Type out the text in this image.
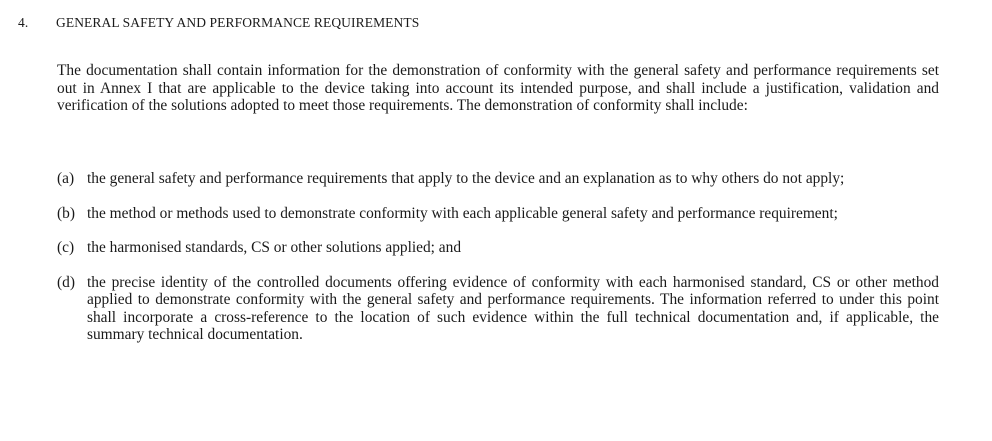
4.	GENERAL SAFETY AND PERFORMANCE REQUIREMENTS

The documentation shall contain information for the demonstration of conformity with the general safety and performance requirements set out in Annex I that are applicable to the device taking into account its intended purpose, and shall include a justification, validation and verification of the solutions adopted to meet those requirements. The demonstration of conformity shall include:

(a) the general safety and performance requirements that apply to the device and an explanation as to why others do not apply;
(b) the method or methods used to demonstrate conformity with each applicable general safety and performance requirement;
(c) the harmonised standards, CS or other solutions applied; and
(d) the precise identity of the controlled documents offering evidence of conformity with each harmonised standard, CS or other method applied to demonstrate conformity with the general safety and performance requirements. The information referred to under this point shall incorporate a cross-reference to the location of such evidence within the full technical documentation and, if applicable, the summary technical documentation.
